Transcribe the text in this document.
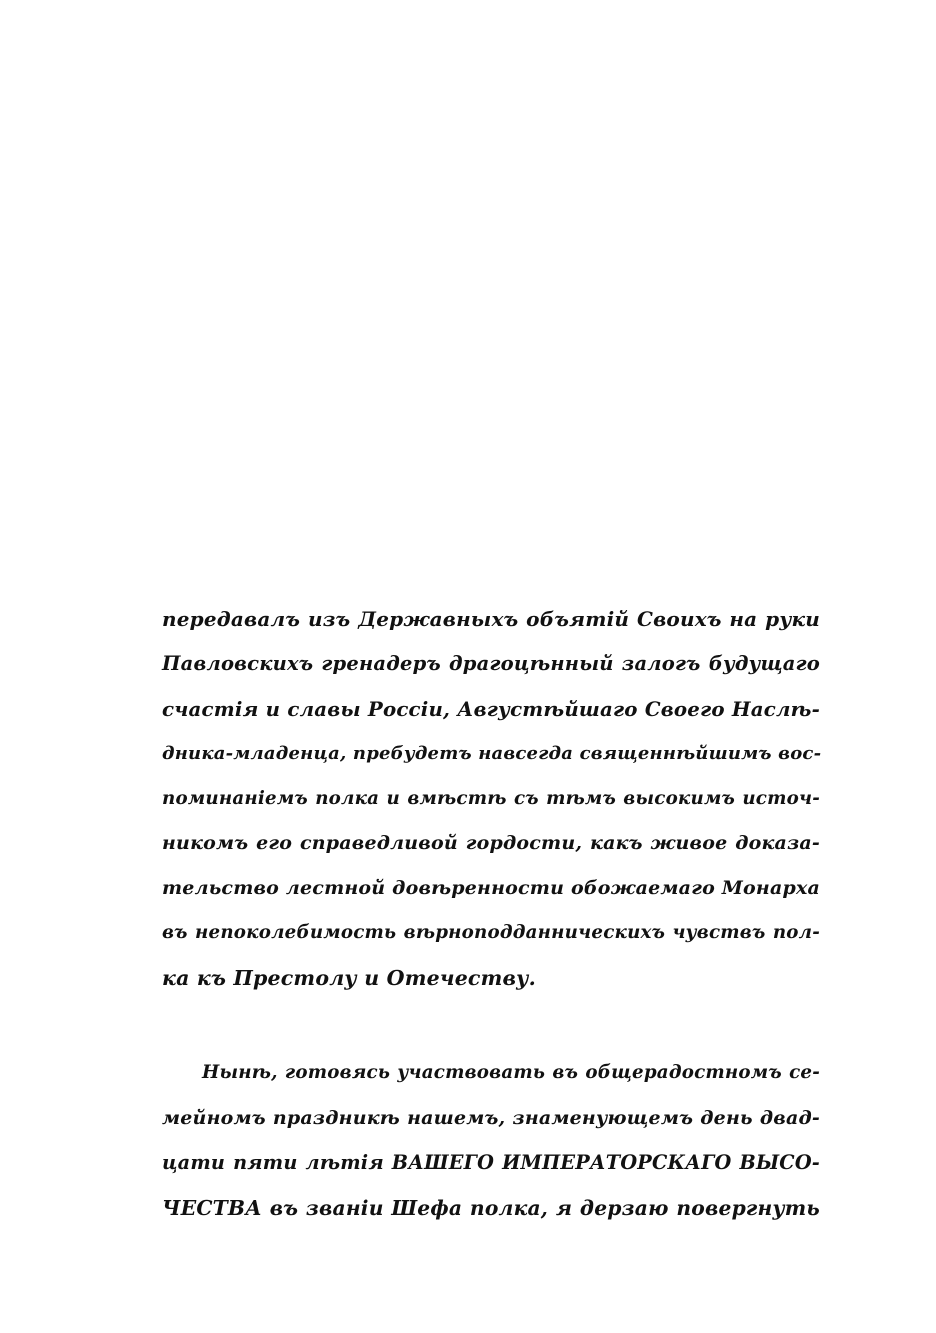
передавалъ изъ Державныхъ объятій Своихъ на руки
Павловскихъ гренадеръ драгоцѣнный залогъ будущаго
счастія и славы Россіи, Августѣйшаго Своего Наслѣ-
дника-младенца, пребудетъ навсегда священнѣйшимъ вос-
поминаніемъ полка и вмѣстѣ съ тѣмъ высокимъ источ-
никомъ его справедливой гордости, какъ живое доказа-
тельство лестной довѣренности обожаемаго Монарха
въ непоколебимость вѣрноподданническихъ чувствъ пол-
ка къ Престолу и Отечеству.
Нынѣ, готовясь участвовать въ общерадостномъ се-
мейномъ праздникѣ нашемъ, знаменующемъ день двад-
цати пяти лѣтія ВАШЕГО ИМПЕРАТОРСКАГО ВЫСО-
ЧЕСТВА въ званіи Шефа полка, я дерзаю повергнуть
